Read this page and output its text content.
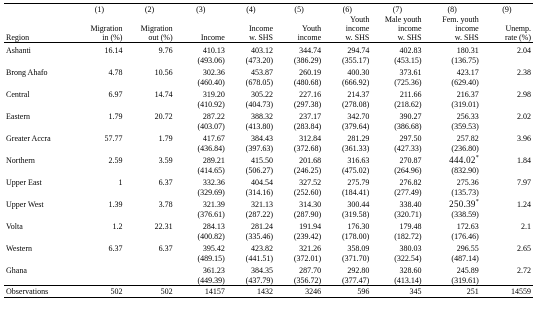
	(1)	(2)	(3)	(4)	(5)	(6)	(7)	(8)	(9)
						Youth	Male youth	Fem. youth	
	Migration	Migration		Income	Youth	income	income	income	Unemp.
Region	in (%)	out (%)	Income	w. SHS	income	w. SHS	w. SHS	w. SHS	rate (%)
Ashanti	16.14	9.76	410.13	403.12	344.74	294.74	402.83	180.31	2.04
			(493.06)	(473.20)	(386.29)	(355.17)	(453.15)	(136.75)	
Brong Ahafo	4.78	10.56	302.36	453.87	260.19	400.30	373.61	423.17	2.38
			(460.40)	(678.05)	(480.68)	(666.92)	(725.36)	(629.40)	
Central	6.97	14.74	319.20	305.22	227.16	214.37	211.66	216.37	2.98
			(410.92)	(404.73)	(297.38)	(278.08)	(218.62)	(319.01)	
Eastern	1.79	20.72	287.22	388.32	237.17	342.70	390.27	256.33	2.02
			(403.07)	(413.80)	(283.84)	(379.64)	(386.68)	(359.53)	
Greater Accra	57.77	1.79	417.67	384.43	312.84	281.29	297.50	257.82	3.96
			(436.84)	(397.63)	(372.68)	(361.33)	(427.33)	(236.80)	
Northern	2.59	3.59	289.21	415.50	201.68	316.63	270.87	444.02*	1.84
			(414.65)	(506.27)	(246.25)	(475.02)	(264.96)	(832.90)	
Upper East	1	6.37	332.36	404.54	327.52	275.79	276.82	275.36	7.97
			(329.69)	(314.16)	(252.60)	(184.41)	(277.49)	(135.73)	
Upper West	1.39	3.78	321.39	321.13	314.30	300.44	338.40	250.39*	1.24
			(376.61)	(287.22)	(287.90)	(319.58)	(320.71)	(338.59)	
Volta	1.2	22.31	284.13	281.24	191.94	176.30	179.48	172.63	2.1
			(400.82)	(335.46)	(239.42)	(178.00)	(182.72)	(176.46)	
Western	6.37	6.37	395.42	423.82	321.26	358.09	380.03	296.55	2.65
			(489.15)	(441.51)	(372.01)	(371.70)	(322.54)	(487.14)	
Ghana			361.23	384.35	287.70	292.80	328.60	245.89	2.72
			(449.39)	(437.79)	(356.72)	(377.47)	(413.14)	(319.61)	
Observations	502	502	14157	1432	3246	596	345	251	14559
